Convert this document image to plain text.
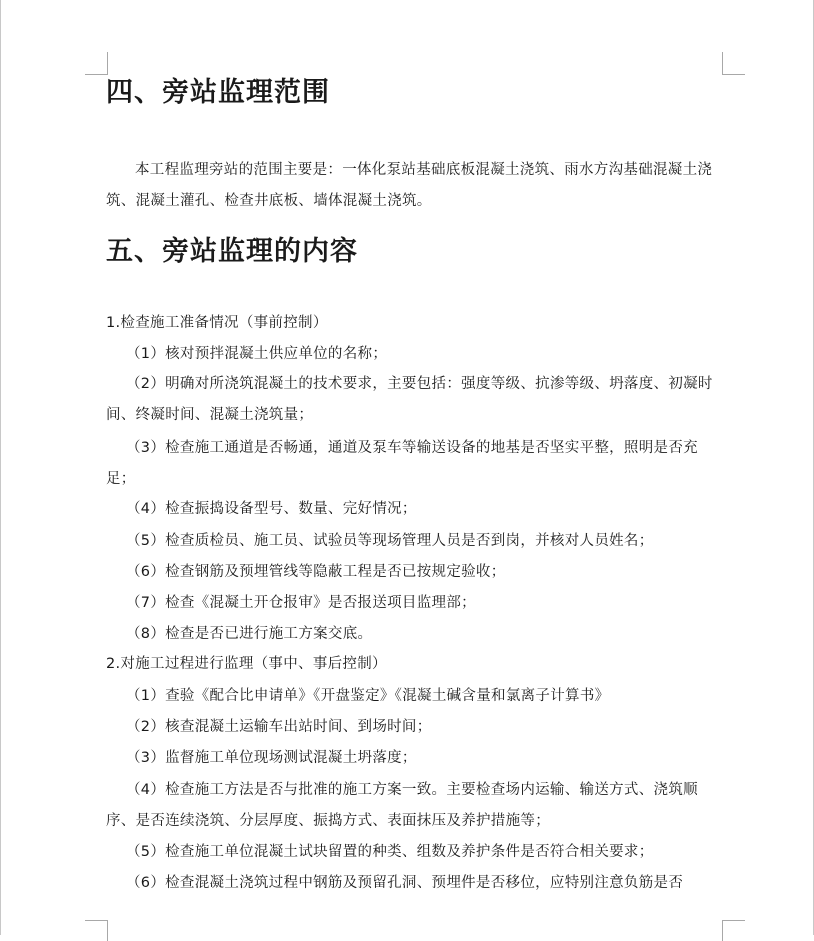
四、旁站监理范围

本工程监理旁站的范围主要是：一体化泵站基础底板混凝土浇筑、雨水方沟基础混凝土浇筑、混凝土灌孔、检查井底板、墙体混凝土浇筑。

五、旁站监理的内容
1.检查施工准备情况（事前控制）
（1）核对预拌混凝土供应单位的名称；

（2）明确对所浇筑混凝土的技术要求，主要包括：强度等级、抗渗等级、坍落度、初凝时间、终凝时间、混凝土浇筑量；

（3）检查施工通道是否畅通，通道及泵车等输送设备的地基是否坚实平整，照明是否充足；

（4）检查振捣设备型号、数量、完好情况；
（5）检查质检员、施工员、试验员等现场管理人员是否到岗，并核对人员姓名；
（6）检查钢筋及预埋管线等隐蔽工程是否已按规定验收；
（7）检查《混凝土开仓报审》是否报送项目监理部；
（8）检查是否已进行施工方案交底。
2.对施工过程进行监理（事中、事后控制）
（1）查验《配合比申请单》《开盘鉴定》《混凝土碱含量和氯离子计算书》
（2）核查混凝土运输车出站时间、到场时间；
（3）监督施工单位现场测试混凝土坍落度；

（4）检查施工方法是否与批准的施工方案一致。主要检查场内运输、输送方式、浇筑顺序、是否连续浇筑、分层厚度、振捣方式、表面抹压及养护措施等；

（5）检查施工单位混凝土试块留置的种类、组数及养护条件是否符合相关要求；
（6）检查混凝土浇筑过程中钢筋及预留孔洞、预埋件是否移位，应特别注意负筋是否
